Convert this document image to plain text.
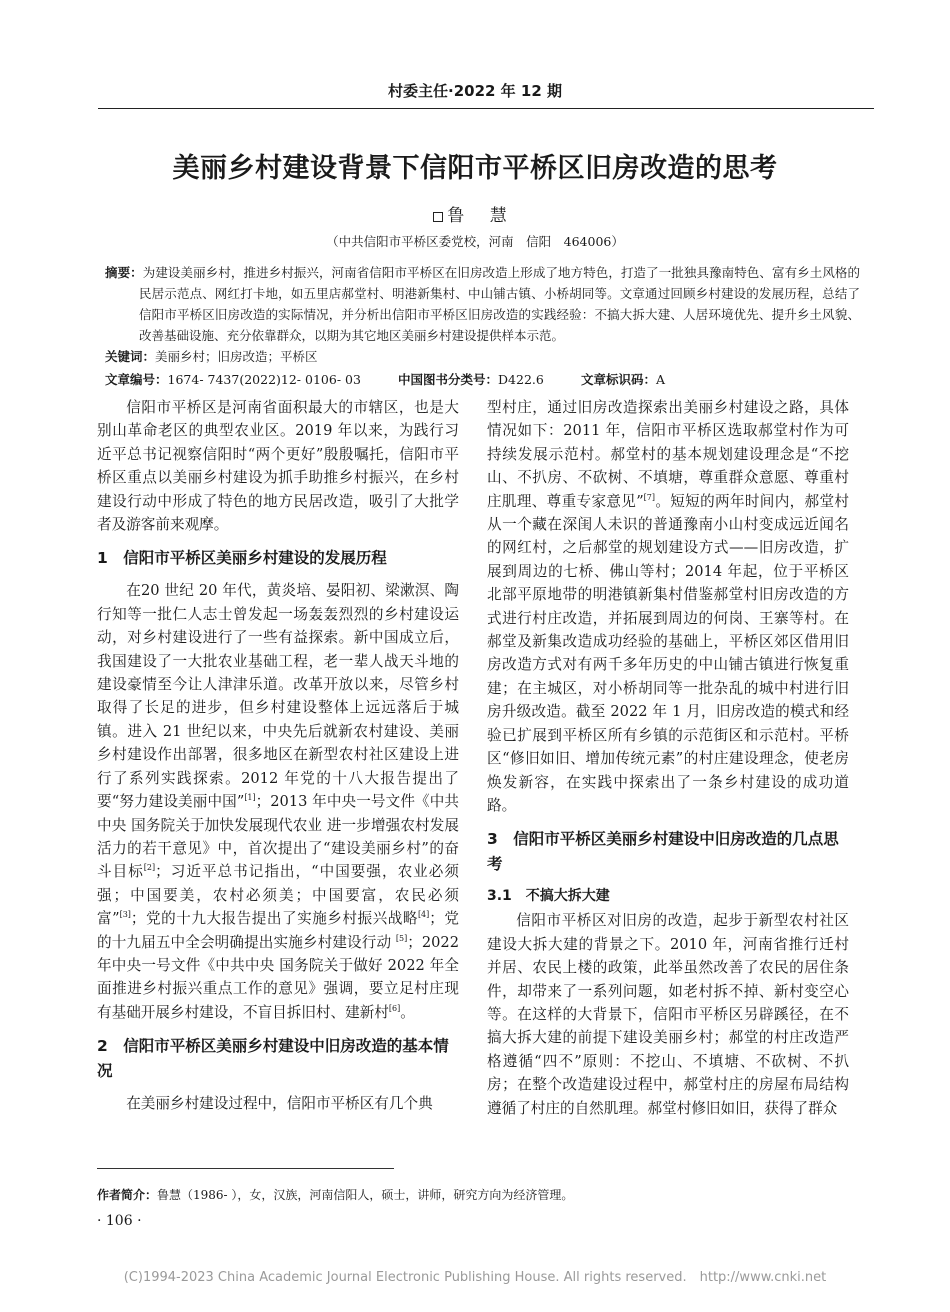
村委主任·2022 年 12 期
美丽乡村建设背景下信阳市平桥区旧房改造的思考
鲁 慧
（中共信阳市平桥区委党校，河南　信阳　464006）
摘要：为建设美丽乡村，推进乡村振兴，河南省信阳市平桥区在旧房改造上形成了地方特色，打造了一批独具豫南特色、富有乡土风格的民居示范点、网红打卡地，如五里店郝堂村、明港新集村、中山铺古镇、小桥胡同等。文章通过回顾乡村建设的发展历程，总结了信阳市平桥区旧房改造的实际情况，并分析出信阳市平桥区旧房改造的实践经验：不搞大拆大建、人居环境优先、提升乡土风貌、改善基础设施、充分依靠群众，以期为其它地区美丽乡村建设提供样本示范。
关键词：美丽乡村；旧房改造；平桥区
文章编号：1674- 7437(2022)12- 0106- 03	中国图书分类号：D422.6	文章标识码：A

信阳市平桥区是河南省面积最大的市辖区，也是大别山革命老区的典型农业区。2019 年以来，为践行习近平总书记视察信阳时“两个更好”殷殷嘱托，信阳市平桥区重点以美丽乡村建设为抓手助推乡村振兴，在乡村建设行动中形成了特色的地方民居改造，吸引了大批学者及游客前来观摩。

1　信阳市平桥区美丽乡村建设的发展历程

在20 世纪 20 年代，黄炎培、晏阳初、梁漱溟、陶行知等一批仁人志士曾发起一场轰轰烈烈的乡村建设运动，对乡村建设进行了一些有益探索。新中国成立后，我国建设了一大批农业基础工程，老一辈人战天斗地的建设豪情至今让人津津乐道。改革开放以来，尽管乡村取得了长足的进步，但乡村建设整体上远远落后于城镇。进入 21 世纪以来，中央先后就新农村建设、美丽乡村建设作出部署，很多地区在新型农村社区建设上进行了系列实践探索。2012 年党的十八大报告提出了要“努力建设美丽中国”[1]；2013 年中央一号文件《中共中央 国务院关于加快发展现代农业 进一步增强农村发展活力的若干意见》中，首次提出了“建设美丽乡村”的奋斗目标[2]；习近平总书记指出，“中国要强，农业必须强；中国要美，农村必须美；中国要富，农民必须富”[3]；党的十九大报告提出了实施乡村振兴战略[4]；党的十九届五中全会明确提出实施乡村建设行动 [5]；2022 年中央一号文件《中共中央 国务院关于做好 2022 年全面推进乡村振兴重点工作的意见》强调，要立足村庄现有基础开展乡村建设，不盲目拆旧村、建新村[6]。

2　信阳市平桥区美丽乡村建设中旧房改造的基本情况

在美丽乡村建设过程中，信阳市平桥区有几个典

型村庄，通过旧房改造探索出美丽乡村建设之路，具体情况如下：2011 年，信阳市平桥区选取郝堂村作为可持续发展示范村。郝堂村的基本规划建设理念是“不挖山、不扒房、不砍树、不填塘，尊重群众意愿、尊重村庄肌理、尊重专家意见”[7]。短短的两年时间内，郝堂村从一个藏在深闺人未识的普通豫南小山村变成远近闻名的网红村，之后郝堂的规划建设方式——旧房改造，扩展到周边的七桥、佛山等村；2014 年起，位于平桥区北部平原地带的明港镇新集村借鉴郝堂村旧房改造的方式进行村庄改造，并拓展到周边的何岗、王寨等村。在郝堂及新集改造成功经验的基础上，平桥区郊区借用旧房改造方式对有两千多年历史的中山铺古镇进行恢复重建；在主城区，对小桥胡同等一批杂乱的城中村进行旧房升级改造。截至 2022 年 1 月，旧房改造的模式和经验已扩展到平桥区所有乡镇的示范街区和示范村。平桥区“修旧如旧、增加传统元素”的村庄建设理念，使老房焕发新容，在实践中探索出了一条乡村建设的成功道路。

3　信阳市平桥区美丽乡村建设中旧房改造的几点思考
3.1　不搞大拆大建

信阳市平桥区对旧房的改造，起步于新型农村社区建设大拆大建的背景之下。2010 年，河南省推行迁村并居、农民上楼的政策，此举虽然改善了农民的居住条件，却带来了一系列问题，如老村拆不掉、新村变空心等。在这样的大背景下，信阳市平桥区另辟蹊径，在不搞大拆大建的前提下建设美丽乡村；郝堂的村庄改造严格遵循“四不”原则：不挖山、不填塘、不砍树、不扒房；在整个改造建设过程中，郝堂村庄的房屋布局结构遵循了村庄的自然肌理。郝堂村修旧如旧，获得了群众

作者简介：鲁慧（1986- ），女，汉族，河南信阳人，硕士，讲师，研究方向为经济管理。
· 106 ·
(C)1994-2023 China Academic Journal Electronic Publishing House. All rights reserved.　http://www.cnki.net
